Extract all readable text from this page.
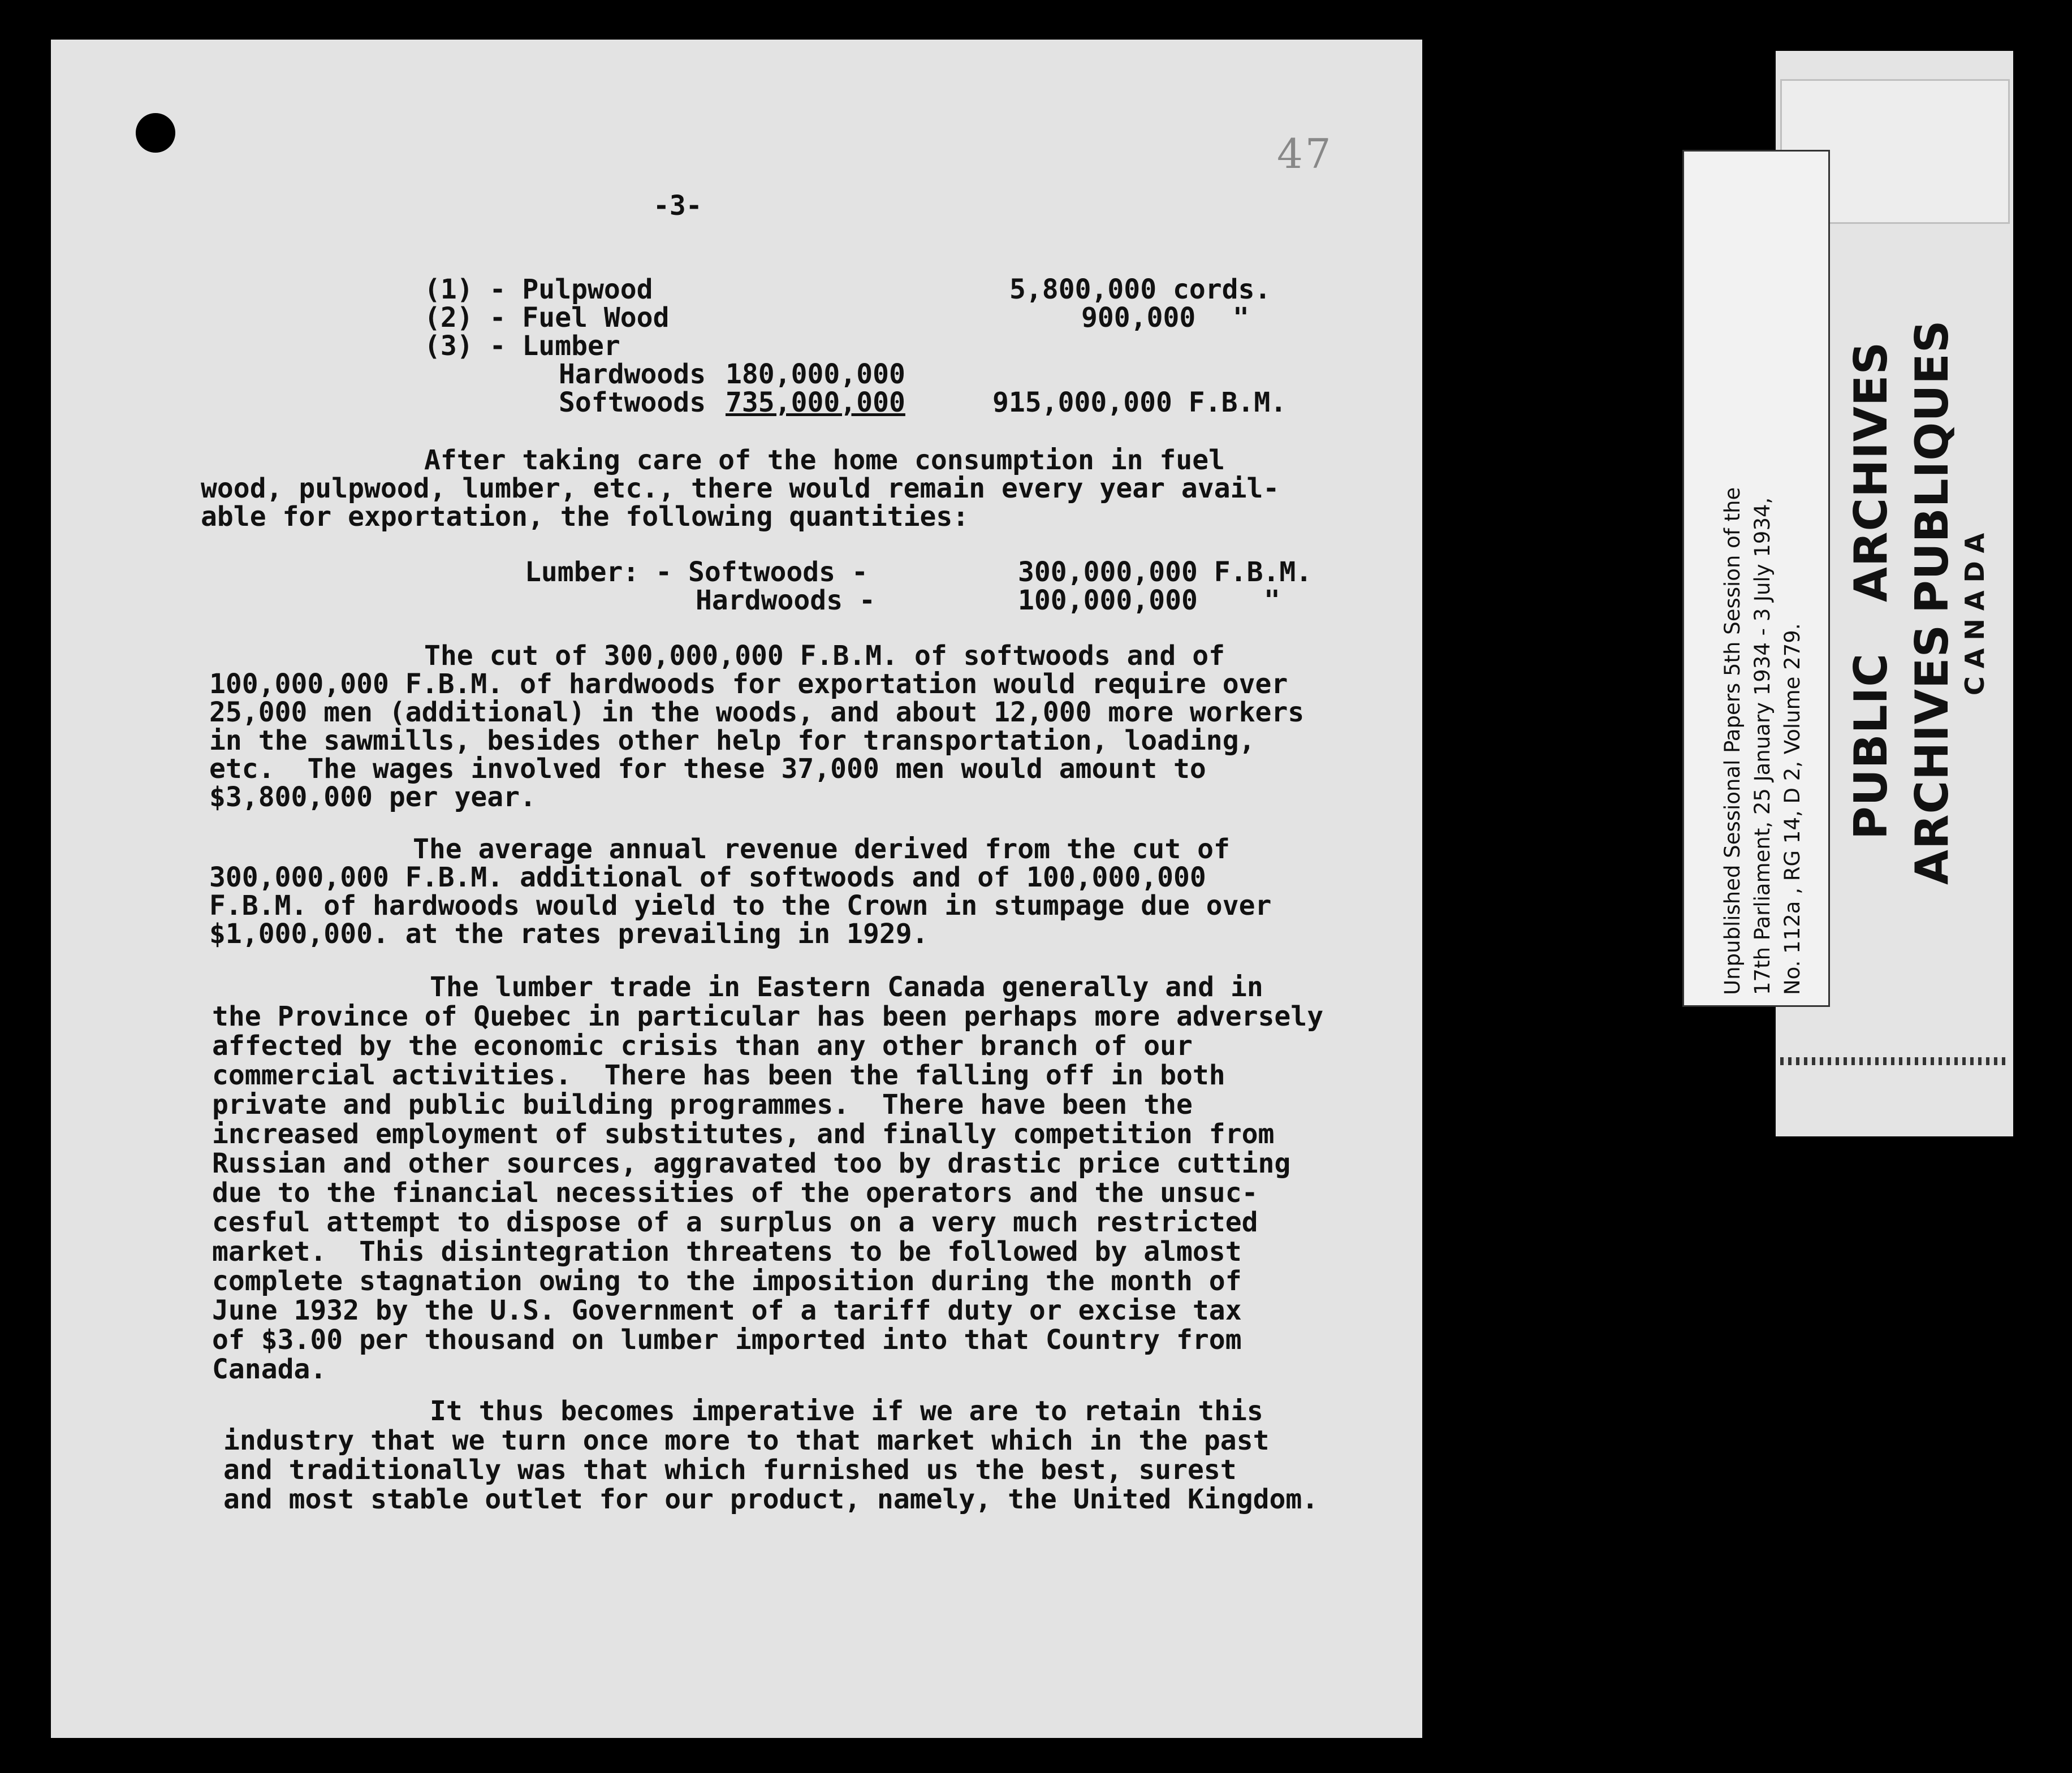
47
-3-
(1) - Pulpwood	5,800,000 cords.
(2) - Fuel Wood	900,000 "
(3) - Lumber
Hardwoods 180,000,000
Softwoods 735,000,000	915,000,000 F.B.M.
After taking care of the home consumption in fuel
wood, pulpwood, lumber, etc., there would remain every year avail-
able for exportation, the following quantities:
Lumber: - Softwoods -	300,000,000 F.B.M.
Hardwoods -	100,000,000 "
The cut of 300,000,000 F.B.M. of softwoods and of
100,000,000 F.B.M. of hardwoods for exportation would require over
25,000 men (additional) in the woods, and about 12,000 more workers
in the sawmills, besides other help for transportation, loading,
etc.  The wages involved for these 37,000 men would amount to
$3,800,000 per year.
The average annual revenue derived from the cut of
300,000,000 F.B.M. additional of softwoods and of 100,000,000
F.B.M. of hardwoods would yield to the Crown in stumpage due over
$1,000,000. at the rates prevailing in 1929.
The lumber trade in Eastern Canada generally and in
the Province of Quebec in particular has been perhaps more adversely
affected by the economic crisis than any other branch of our
commercial activities.  There has been the falling off in both
private and public building programmes.  There have been the
increased employment of substitutes, and finally competition from
Russian and other sources, aggravated too by drastic price cutting
due to the financial necessities of the operators and the unsuc-
cesful attempt to dispose of a surplus on a very much restricted
market.  This disintegration threatens to be followed by almost
complete stagnation owing to the imposition during the month of
June 1932 by the U.S. Government of a tariff duty or excise tax
of $3.00 per thousand on lumber imported into that Country from
Canada.
It thus becomes imperative if we are to retain this
industry that we turn once more to that market which in the past
and traditionally was that which furnished us the best, surest
and most stable outlet for our product, namely, the United Kingdom.
Unpublished Sessional Papers 5th Session of the 17th Parliament, 25 January 1934 - 3 July 1934, No. 112a , RG 14, D 2, Volume 279. PUBLIC
ARCHIVES
ARCHIVES
PUBLIQUES CANADA
